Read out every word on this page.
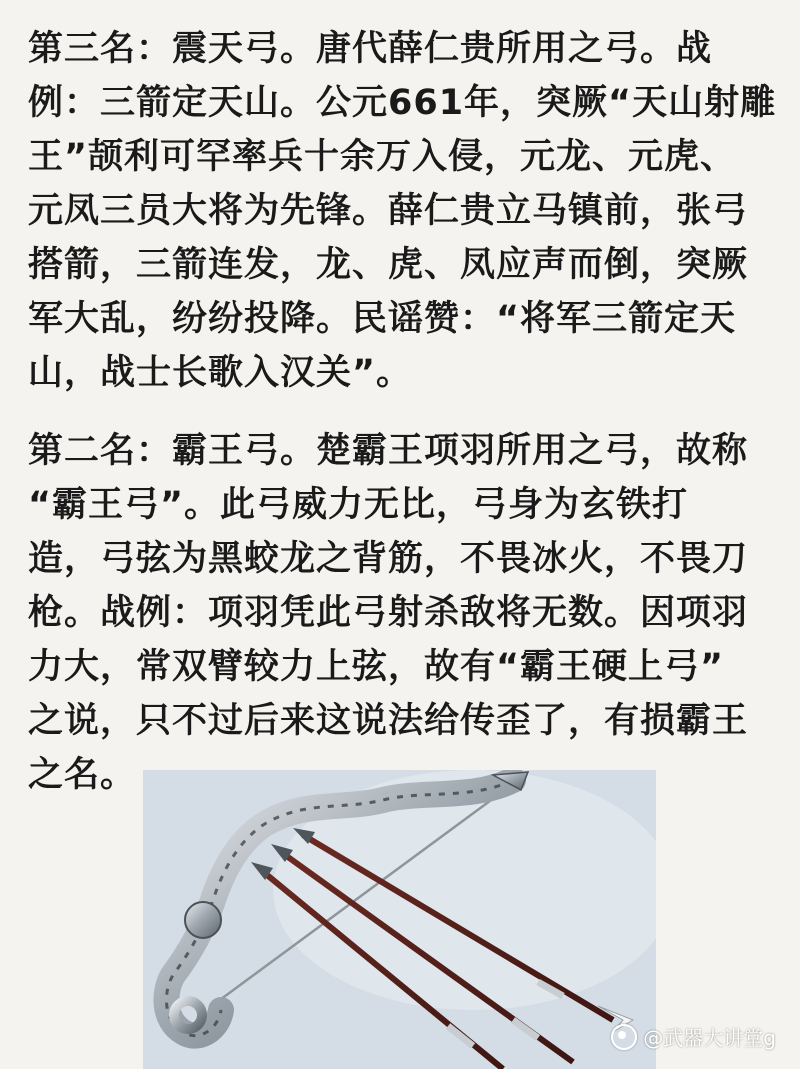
第三名：震天弓。唐代薛仁贵所用之弓。战
例：三箭定天山。公元661年，突厥“天山射雕
王”颉利可罕率兵十余万入侵，元龙、元虎、
元凤三员大将为先锋。薛仁贵立马镇前，张弓
搭箭，三箭连发，龙、虎、凤应声而倒，突厥
军大乱，纷纷投降。民谣赞：“将军三箭定天
山，战士长歌入汉关”。
第二名：霸王弓。楚霸王项羽所用之弓，故称
“霸王弓”。此弓威力无比，弓身为玄铁打
造，弓弦为黑蛟龙之背筋，不畏冰火，不畏刀
枪。战例：项羽凭此弓射杀敌将无数。因项羽
力大，常双臂较力上弦，故有“霸王硬上弓”
之说，只不过后来这说法给传歪了，有损霸王
之名。
@武器大讲堂g
